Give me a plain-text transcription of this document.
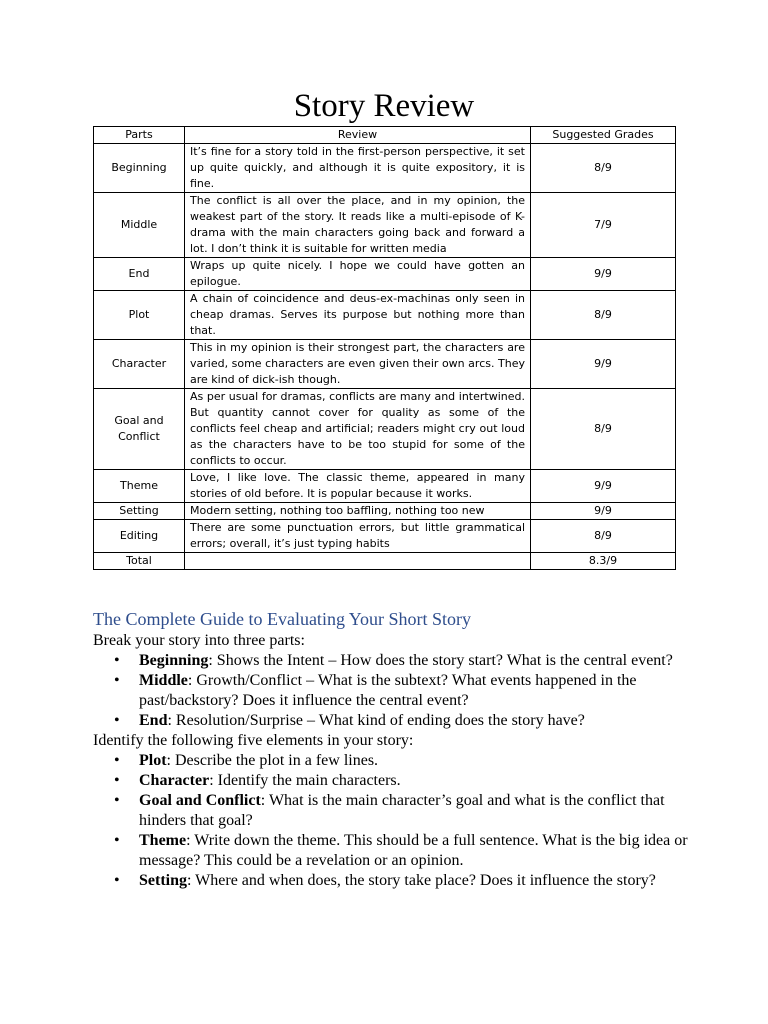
Story Review
Parts	Review	Suggested Grades
Beginning	It’s fine for a story told in the first-person perspective, it set up quite quickly, and although it is quite expository, it is fine.	8/9
Middle	The conflict is all over the place, and in my opinion, the weakest part of the story. It reads like a multi-episode of K-drama with the main characters going back and forward a lot. I don’t think it is suitable for written media	7/9
End	Wraps up quite nicely. I hope we could have gotten an epilogue.	9/9
Plot	A chain of coincidence and deus-ex-machinas only seen in cheap dramas. Serves its purpose but nothing more than that.	8/9
Character	This in my opinion is their strongest part, the characters are varied, some characters are even given their own arcs. They are kind of dick-ish though.	9/9
Goal and Conflict	As per usual for dramas, conflicts are many and intertwined. But quantity cannot cover for quality as some of the conflicts feel cheap and artificial; readers might cry out loud as the characters have to be too stupid for some of the conflicts to occur.	8/9
Theme	Love, I like love. The classic theme, appeared in many stories of old before. It is popular because it works.	9/9
Setting	Modern setting, nothing too baffling, nothing too new	9/9
Editing	There are some punctuation errors, but little grammatical errors; overall, it’s just typing habits	8/9
Total		8.3/9
The Complete Guide to Evaluating Your Short Story

Break your story into three parts:

• Beginning: Shows the Intent – How does the story start? What is the central event?
• Middle: Growth/Conflict – What is the subtext? What events happened in the past/backstory? Does it influence the central event?
• End: Resolution/Surprise – What kind of ending does the story have?

Identify the following five elements in your story:

• Plot: Describe the plot in a few lines.
• Character: Identify the main characters.
• Goal and Conflict: What is the main character’s goal and what is the conflict that hinders that goal?
• Theme: Write down the theme. This should be a full sentence. What is the big idea or message? This could be a revelation or an opinion.
• Setting: Where and when does, the story take place? Does it influence the story?
